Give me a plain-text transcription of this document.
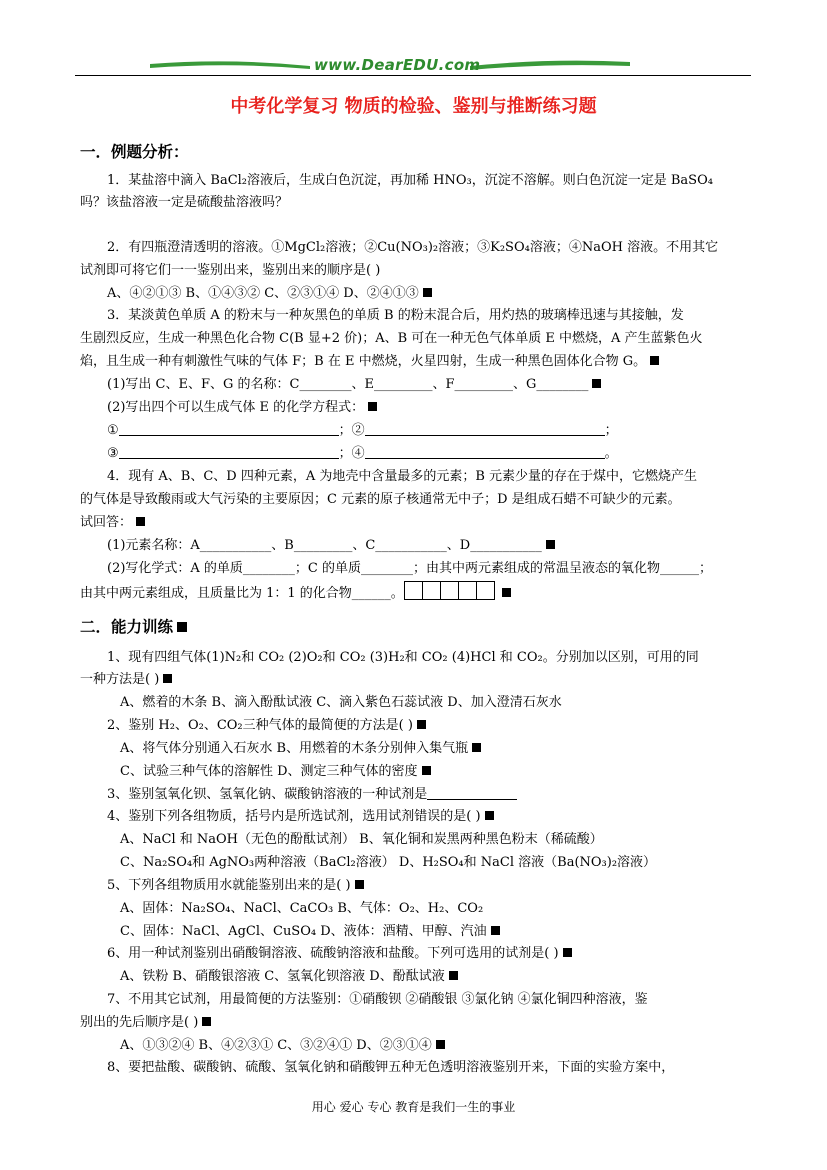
www.DearEDU.com
中考化学复习 物质的检验、鉴别与推断练习题
一．例题分析：
1．某盐溶中滴入 BaCl₂溶液后，生成白色沉淀，再加稀 HNO₃，沉淀不溶解。则白色沉淀一定是 BaSO₄
吗？该盐溶液一定是硫酸盐溶液吗？
2．有四瓶澄清透明的溶液。①MgCl₂溶液；②Cu(NO₃)₂溶液；③K₂SO₄溶液；④NaOH 溶液。不用其它
试剂即可将它们一一鉴别出来，鉴别出来的顺序是( )
A、④②①③ B、①④③② C、②③①④ D、②④①③
3．某淡黄色单质 A 的粉末与一种灰黑色的单质 B 的粉末混合后，用灼热的玻璃棒迅速与其接触，发
生剧烈反应，生成一种黑色化合物 C(B 显+2 价)；A、B 可在一种无色气体单质 E 中燃烧，A 产生蓝紫色火
焰，且生成一种有刺激性气味的气体 F；B 在 E 中燃烧，火星四射，生成一种黑色固体化合物 G。
(1)写出 C、E、F、G 的名称：C________、E_________、F_________、G________
(2)写出四个可以生成气体 E 的化学方程式：
①	；②	；
③	；④	。
4．现有 A、B、C、D 四种元素，A 为地壳中含量最多的元素；B 元素少量的存在于煤中，它燃烧产生
的气体是导致酸雨或大气污染的主要原因；C 元素的原子核通常无中子；D 是组成石蜡不可缺少的元素。
试回答：
(1)元素名称：A___________、B_________、C___________、D___________
(2)写化学式：A 的单质________；C 的单质________；由其中两元素组成的常温呈液态的氧化物______；
由其中两元素组成，且质量比为 1：1 的化合物______。
二．能力训练
1、现有四组气体(1)N₂和 CO₂ (2)O₂和 CO₂ (3)H₂和 CO₂ (4)HCl 和 CO₂。分别加以区别，可用的同
一种方法是( )
A、燃着的木条 B、滴入酚酞试液 C、滴入紫色石蕊试液 D、加入澄清石灰水
2、鉴别 H₂、O₂、CO₂三种气体的最简便的方法是( )
A、将气体分别通入石灰水 B、用燃着的木条分别伸入集气瓶
C、试验三种气体的溶解性 D、测定三种气体的密度
3、鉴别氢氧化钡、氢氧化钠、碳酸钠溶液的一种试剂是
4、鉴别下列各组物质，括号内是所选试剂，选用试剂错误的是( )
A、NaCl 和 NaOH（无色的酚酞试剂） B、氧化铜和炭黑两种黑色粉末（稀硫酸）
C、Na₂SO₄和 AgNO₃两种溶液（BaCl₂溶液） D、H₂SO₄和 NaCl 溶液（Ba(NO₃)₂溶液）
5、下列各组物质用水就能鉴别出来的是( )
A、固体：Na₂SO₄、NaCl、CaCO₃ B、气体：O₂、H₂、CO₂
C、固体：NaCl、AgCl、CuSO₄ D、液体：酒精、甲醇、汽油
6、用一种试剂鉴别出硝酸铜溶液、硫酸钠溶液和盐酸。下列可选用的试剂是( )
A、铁粉 B、硝酸银溶液 C、氢氧化钡溶液 D、酚酞试液
7、不用其它试剂，用最简便的方法鉴别：①硝酸钡 ②硝酸银 ③氯化钠 ④氯化铜四种溶液，鉴
别出的先后顺序是( )
A、①③②④ B、④②③① C、③②④① D、②③①④
8、要把盐酸、碳酸钠、硫酸、氢氧化钠和硝酸钾五种无色透明溶液鉴别开来，下面的实验方案中，
用心 爱心 专心 教育是我们一生的事业
